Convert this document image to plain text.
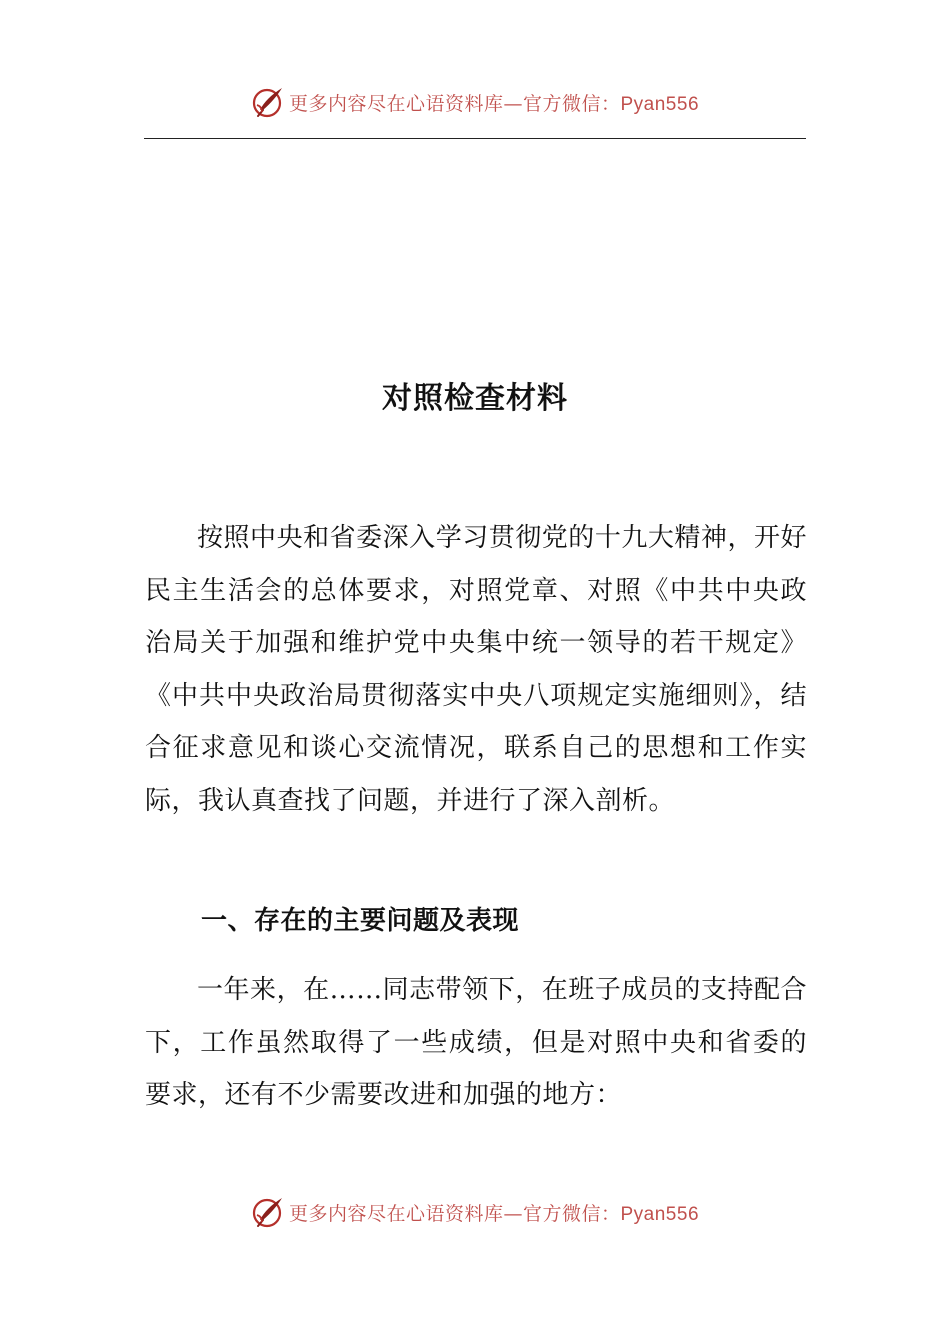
更多内容尽在心语资料库—官方微信：Pyan556
对照检查材料

按照中央和省委深入学习贯彻党的十九大精神，开好民主生活会的总体要求，对照党章、对照《中共中央政治局关于加强和维护党中央集中统一领导的若干规定》《中共中央政治局贯彻落实中央八项规定实施细则》，结合征求意见和谈心交流情况，联系自己的思想和工作实际，我认真查找了问题，并进行了深入剖析。

一、存在的主要问题及表现

一年来，在……同志带领下，在班子成员的支持配合下，工作虽然取得了一些成绩，但是对照中央和省委的要求，还有不少需要改进和加强的地方：

更多内容尽在心语资料库—官方微信：Pyan556
